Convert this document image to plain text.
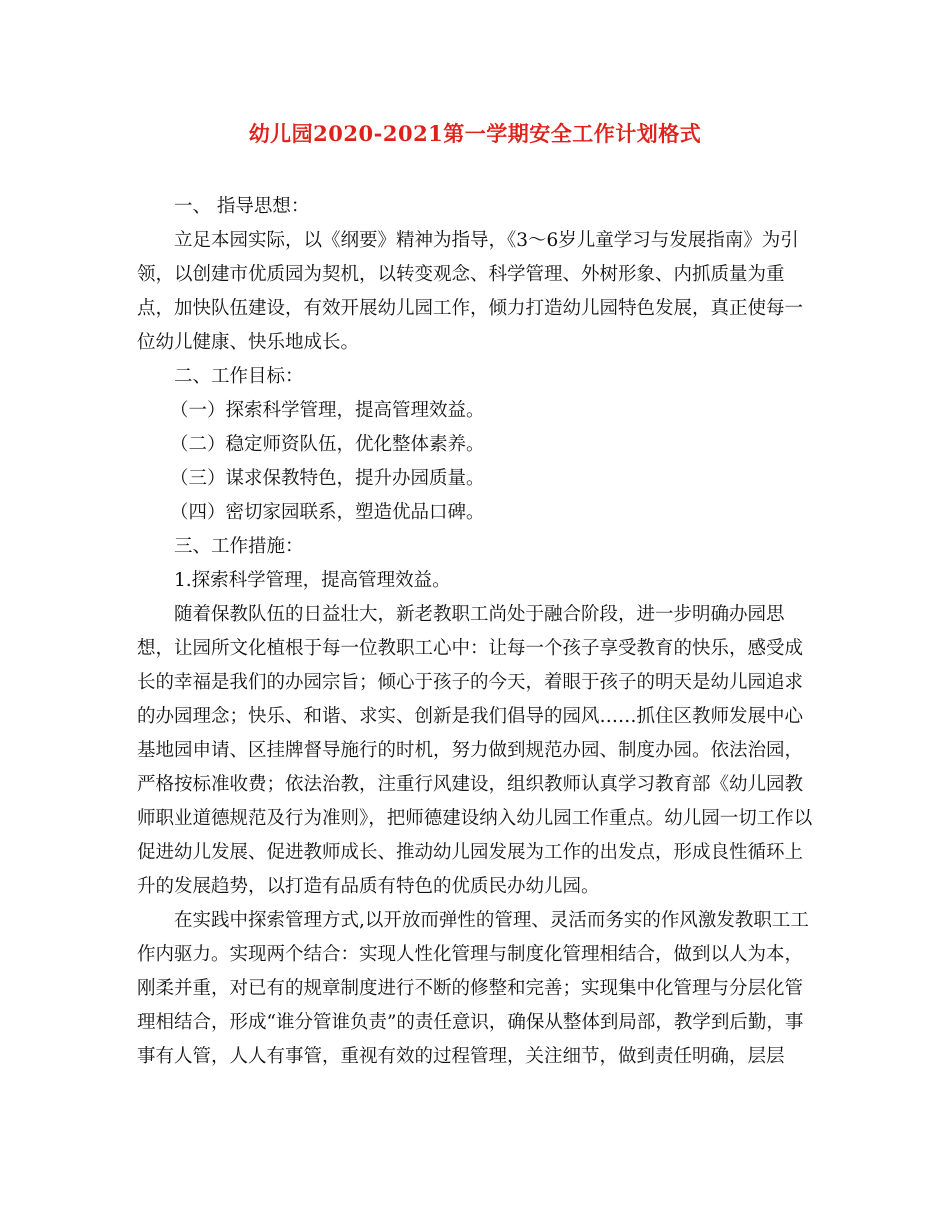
幼儿园2020-2021第一学期安全工作计划格式

一、 指导思想：

立足本园实际，以《纲要》精神为指导，《3～6岁儿童学习与发展指南》为引领，以创建市优质园为契机，以转变观念、科学管理、外树形象、内抓质量为重点，加快队伍建设，有效开展幼儿园工作，倾力打造幼儿园特色发展，真正使每一位幼儿健康、快乐地成长。

二、工作目标：

（一）探索科学管理，提高管理效益。

（二）稳定师资队伍，优化整体素养。

（三）谋求保教特色，提升办园质量。

（四）密切家园联系，塑造优品口碑。

三、工作措施：

1.探索科学管理，提高管理效益。

随着保教队伍的日益壮大，新老教职工尚处于融合阶段，进一步明确办园思想，让园所文化植根于每一位教职工心中：让每一个孩子享受教育的快乐，感受成长的幸福是我们的办园宗旨；倾心于孩子的今天，着眼于孩子的明天是幼儿园追求的办园理念；快乐、和谐、求实、创新是我们倡导的园风……抓住区教师发展中心基地园申请、区挂牌督导施行的时机，努力做到规范办园、制度办园。依法治园，严格按标准收费；依法治教，注重行风建设，组织教师认真学习教育部《幼儿园教师职业道德规范及行为准则》，把师德建设纳入幼儿园工作重点。幼儿园一切工作以促进幼儿发展、促进教师成长、推动幼儿园发展为工作的出发点，形成良性循环上升的发展趋势，以打造有品质有特色的优质民办幼儿园。

在实践中探索管理方式,以开放而弹性的管理、灵活而务实的作风激发教职工工作内驱力。实现两个结合：实现人性化管理与制度化管理相结合，做到以人为本，刚柔并重，对已有的规章制度进行不断的修整和完善；实现集中化管理与分层化管理相结合，形成“谁分管谁负责”的责任意识，确保从整体到局部，教学到后勤，事事有人管，人人有事管，重视有效的过程管理，关注细节，做到责任明确，层层
